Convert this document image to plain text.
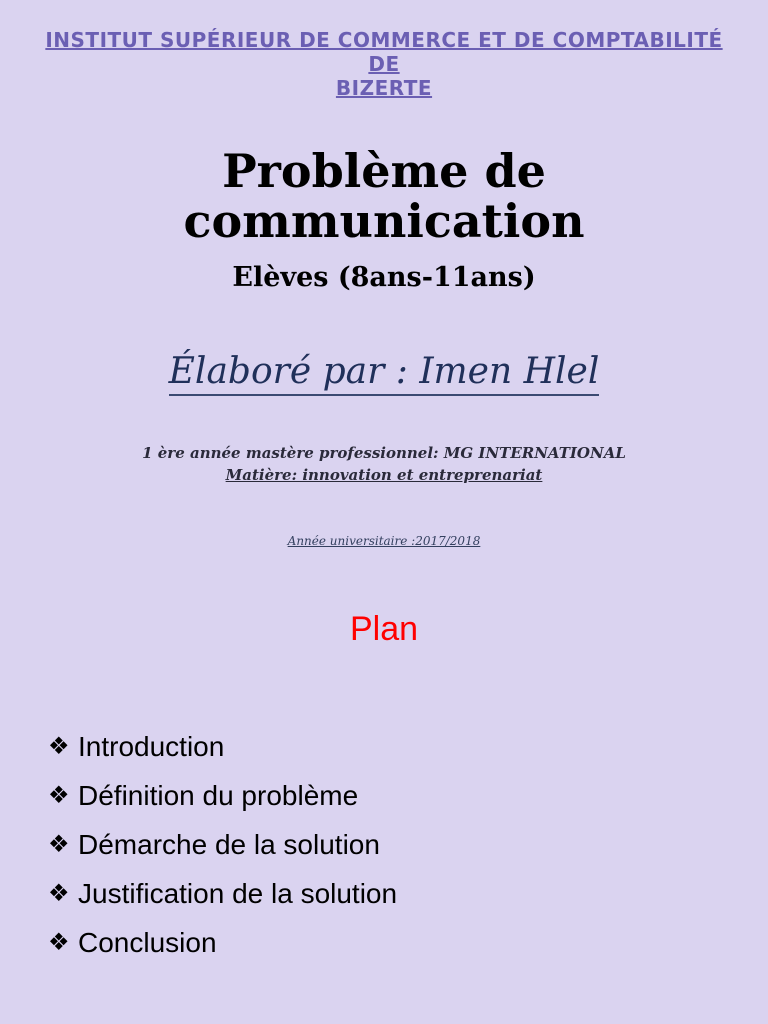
INSTITUT SUPÉRIEUR DE COMMERCE ET DE COMPTABILITÉ DE
BIZERTE
Problème de
communication
Elèves (8ans-11ans)
Élaboré par : Imen Hlel
1 ère année mastère professionnel: MG INTERNATIONAL
Matière: innovation et entreprenariat
Année universitaire :2017/2018
Plan
❖ Introduction
❖ Définition du problème
❖ Démarche de la solution
❖ Justification de la solution
❖ Conclusion
